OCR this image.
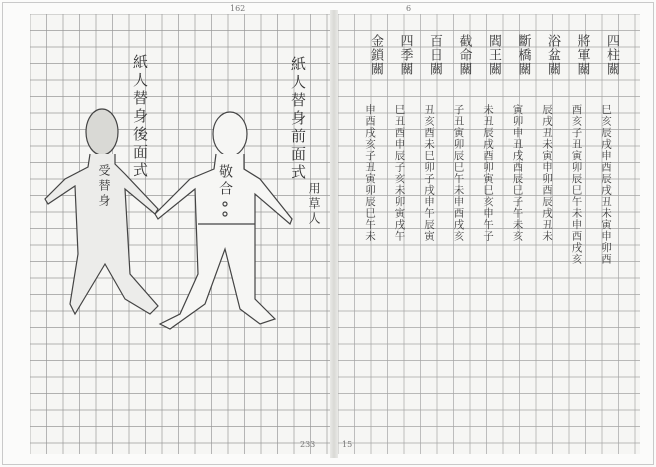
紙人替身前面式
紙人替身後面式
用草人
敬合
受替身
162
233
四柱關
將軍關
浴盆關
斷橋關
閻王關
截命關
百日關
四季關
金鎖關
巳亥辰戌申酉辰戌丑未寅申卯酉
酉亥子丑寅卯辰巳午未申酉戌亥
辰戌丑未寅申卯酉辰戌丑未
寅卯申丑戌酉辰巳子午未亥
未丑辰戌酉卯寅巳亥申午子
子丑寅卯辰巳午未申酉戌亥
丑亥酉未巳卯子戌申午辰寅
巳丑酉申辰子亥未卯寅戌午
申酉戌亥子丑寅卯辰巳午未
6
15
